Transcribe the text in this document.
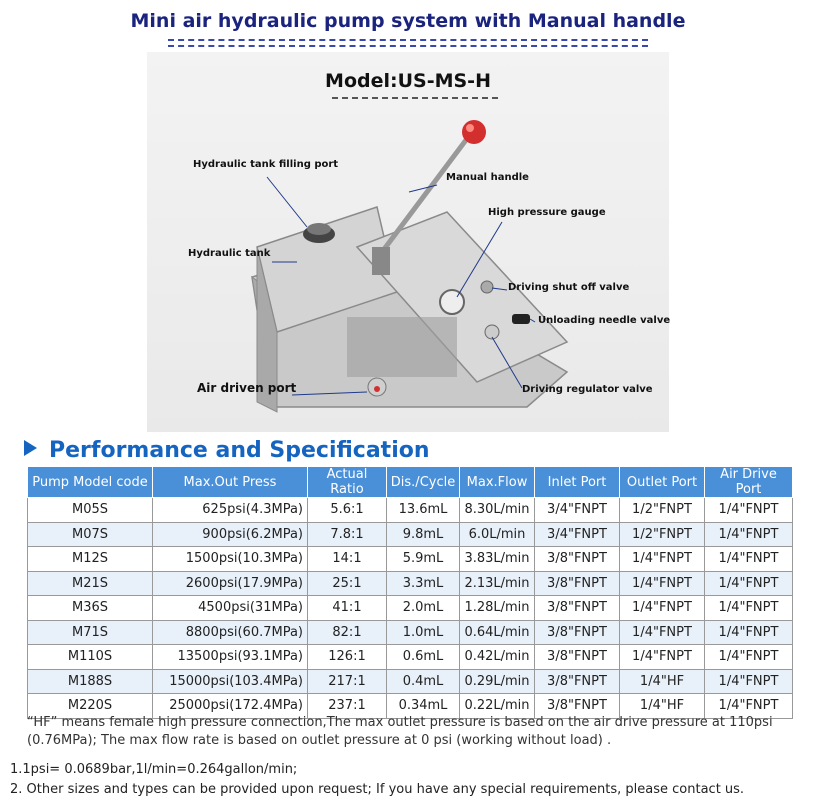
Mini air hydraulic pump system with Manual handle
Model:US-MS-H
Hydraulic tank filling port
Manual handle
High pressure gauge
Hydraulic tank
Driving shut off valve
Unloading needle valve
Air driven port	Driving regulator valve
Performance and Specification
Pump Model code	Max.Out Press	Actual Ratio	Dis./Cycle	Max.Flow	Inlet Port	Outlet Port	Air Drive Port
M05S	625psi(4.3MPa)	5.6:1	13.6mL	8.30L/min	3/4"FNPT	1/2"FNPT	1/4"FNPT
M07S	900psi(6.2MPa)	7.8:1	9.8mL	6.0L/min	3/4"FNPT	1/2"FNPT	1/4"FNPT
M12S	1500psi(10.3MPa)	14:1	5.9mL	3.83L/min	3/8"FNPT	1/4"FNPT	1/4"FNPT
M21S	2600psi(17.9MPa)	25:1	3.3mL	2.13L/min	3/8"FNPT	1/4"FNPT	1/4"FNPT
M36S	4500psi(31MPa)	41:1	2.0mL	1.28L/min	3/8"FNPT	1/4"FNPT	1/4"FNPT
M71S	8800psi(60.7MPa)	82:1	1.0mL	0.64L/min	3/8"FNPT	1/4"FNPT	1/4"FNPT
M110S	13500psi(93.1MPa)	126:1	0.6mL	0.42L/min	3/8"FNPT	1/4"FNPT	1/4"FNPT
M188S	15000psi(103.4MPa)	217:1	0.4mL	0.29L/min	3/8"FNPT	1/4"HF	1/4"FNPT
M220S	25000psi(172.4MPa)	237:1	0.34mL	0.22L/min	3/8"FNPT	1/4"HF	1/4"FNPT
“HF” means female high pressure connection,The max outlet pressure is based on the air drive pressure at 110psi (0.76MPa); The max flow rate is based on outlet pressure at 0 psi (working without load) .
1.1psi= 0.0689bar,1l/min=0.264gallon/min;
2. Other sizes and types can be provided upon request; If you have any special requirements, please contact us.
